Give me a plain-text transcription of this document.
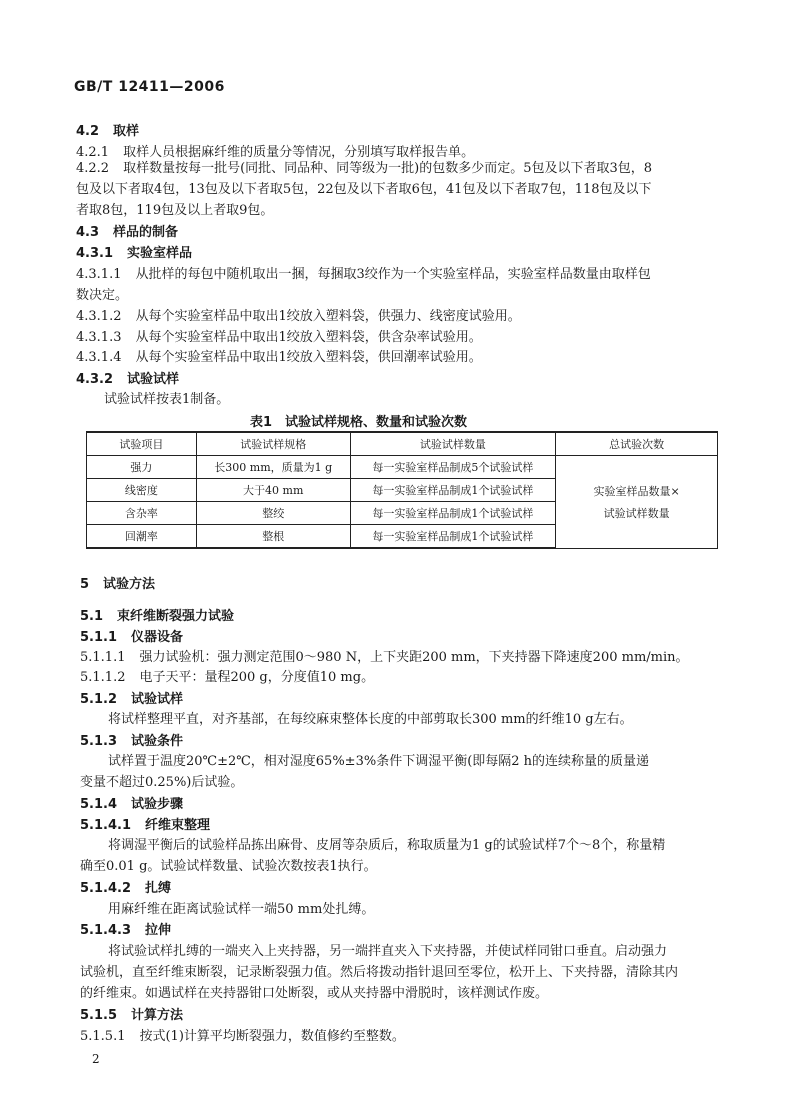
GB/T 12411—2006
4.2 取样
4.2.1 取样人员根据麻纤维的质量分等情况，分别填写取样报告单。
4.2.2 取样数量按每一批号(同批、同品种、同等级为一批)的包数多少而定。5包及以下者取3包，8
包及以下者取4包，13包及以下者取5包，22包及以下者取6包，41包及以下者取7包，118包及以下
者取8包，119包及以上者取9包。
4.3 样品的制备
4.3.1 实验室样品
4.3.1.1 从批样的每包中随机取出一捆，每捆取3绞作为一个实验室样品，实验室样品数量由取样包
数决定。
4.3.1.2 从每个实验室样品中取出1绞放入塑料袋，供强力、线密度试验用。
4.3.1.3 从每个实验室样品中取出1绞放入塑料袋，供含杂率试验用。
4.3.1.4 从每个实验室样品中取出1绞放入塑料袋，供回潮率试验用。
4.3.2 试验试样
试验试样按表1制备。
表1　试验试样规格、数量和试验次数
试验项目	试验试样规格	试验试样数量	总试验次数
强力	长300 mm，质量为1 g	每一实验室样品制成5个试验试样	实验室样品数量×
试验试样数量

线密度	大于40 mm	每一实验室样品制成1个试验试样	
含杂率	整绞	每一实验室样品制成1个试验试样	
回潮率	整根	每一实验室样品制成1个试验试样	
5 试验方法
5.1 束纤维断裂强力试验
5.1.1 仪器设备
5.1.1.1 强力试验机：强力测定范围0～980 N，上下夹距200 mm，下夹持器下降速度200 mm/min。
5.1.1.2 电子天平：量程200 g，分度值10 mg。
5.1.2 试验试样
将试样整理平直，对齐基部，在每绞麻束整体长度的中部剪取长300 mm的纤维10 g左右。
5.1.3 试验条件
试样置于温度20℃±2℃，相对湿度65%±3%条件下调湿平衡(即每隔2 h的连续称量的质量递
变量不超过0.25%)后试验。
5.1.4 试验步骤
5.1.4.1 纤维束整理
将调湿平衡后的试验样品拣出麻骨、皮屑等杂质后，称取质量为1 g的试验试样7个～8个，称量精
确至0.01 g。试验试样数量、试验次数按表1执行。
5.1.4.2 扎缚
用麻纤维在距离试验试样一端50 mm处扎缚。
5.1.4.3 拉伸
将试验试样扎缚的一端夹入上夹持器，另一端拌直夹入下夹持器，并使试样同钳口垂直。启动强力
试验机，直至纤维束断裂，记录断裂强力值。然后将拨动指针退回至零位，松开上、下夹持器，清除其内
的纤维束。如遇试样在夹持器钳口处断裂，或从夹持器中滑脱时，该样测试作废。
5.1.5 计算方法
5.1.5.1 按式(1)计算平均断裂强力，数值修约至整数。
2
